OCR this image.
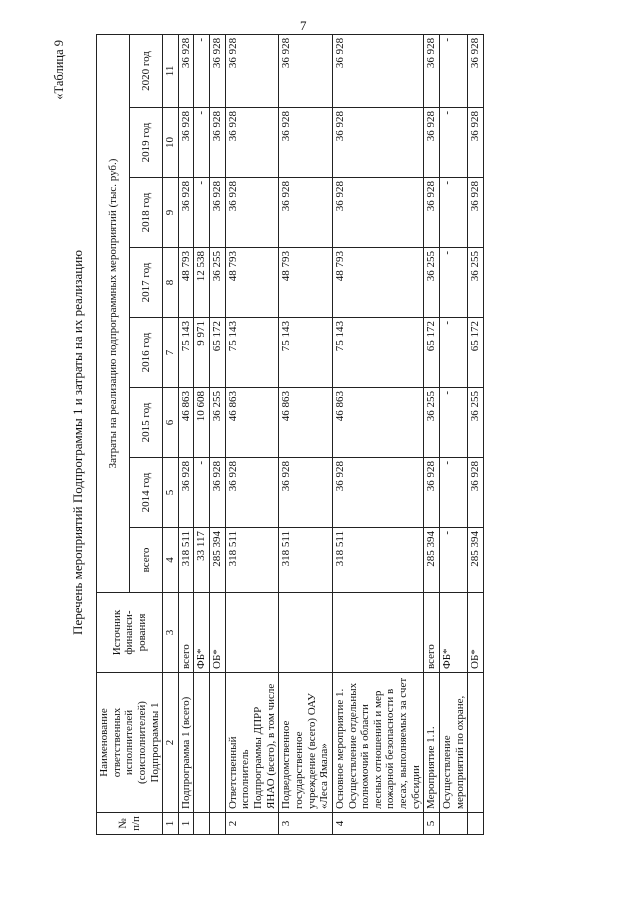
7
«Таблица 9
Перечень мероприятий Подпрограммы 1 и затраты на их реализацию
№ п/п	Наименование ответственных исполнителей (соисполнителей) Подпрограммы 1	Источник финанси-рования	Затраты на реализацию подпрограммных мероприятий (тыс. руб.)							
			всего	2014 год	2015 год	2016 год	2017 год	2018 год	2019 год	2020 год
1	2	3	4	5	6	7	8	9	10	11
1	Подпрограмма 1 (всего)	всего	318 511	36 928	46 863	75 143	48 793	36 928	36 928	36 928
		ФБ*	33 117	-	10 608	9 971	12 538	-	-	-
		ОБ*	285 394	36 928	36 255	65 172	36 255	36 928	36 928	36 928
2	Ответственный исполнитель Подпрограммы ДПРР ЯНАО (всего), в том числе		318 511	36 928	46 863	75 143	48 793	36 928	36 928	36 928
3	Подведомственное государственное учреждение (всего) ОАУ «Леса Ямала»		318 511	36 928	46 863	75 143	48 793	36 928	36 928	36 928
4	Основное мероприятие 1. Осуществление отдельных полномочий в области лесных отношений и мер пожарной безопасности в лесах, выполняемых за счет субсидии		318 511	36 928	46 863	75 143	48 793	36 928	36 928	36 928
5	Мероприятие 1.1.	всего	285 394	36 928	36 255	65 172	36 255	36 928	36 928	36 928
	Осуществление мероприятий по охране,	ФБ*	-	-	-	-	-	-	-	-
		ОБ*	285 394	36 928	36 255	65 172	36 255	36 928	36 928	36 928
